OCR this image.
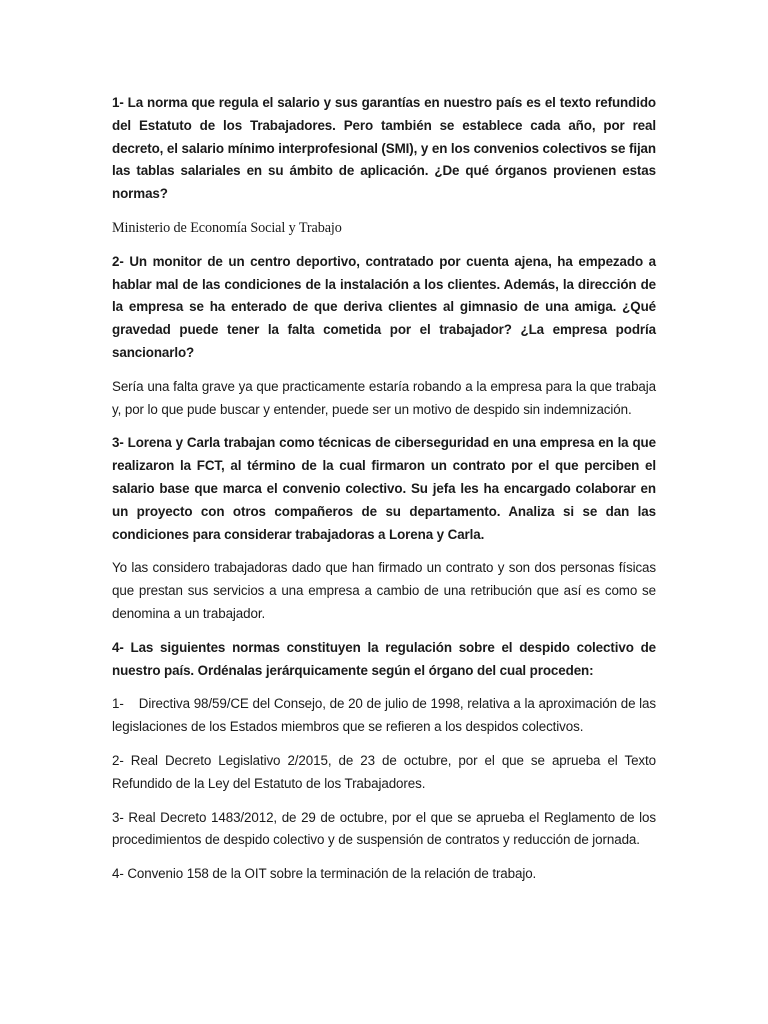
1- La norma que regula el salario y sus garantías en nuestro país es el texto refundido del Estatuto de los Trabajadores. Pero también se establece cada año, por real decreto, el salario mínimo interprofesional (SMI), y en los convenios colectivos se fijan las tablas salariales en su ámbito de aplicación. ¿De qué órganos provienen estas normas?

Ministerio de Economía Social y Trabajo

2- Un monitor de un centro deportivo, contratado por cuenta ajena, ha empezado a hablar mal de las condiciones de la instalación a los clientes. Además, la dirección de la empresa se ha enterado de que deriva clientes al gimnasio de una amiga. ¿Qué gravedad puede tener la falta cometida por el trabajador? ¿La empresa podría sancionarlo?

Sería una falta grave ya que practicamente estaría robando a la empresa para la que trabaja y, por lo que pude buscar y entender, puede ser un motivo de despido sin indemnización.

3- Lorena y Carla trabajan como técnicas de ciberseguridad en una empresa en la que realizaron la FCT, al término de la cual firmaron un contrato por el que perciben el salario base que marca el convenio colectivo. Su jefa les ha encargado colaborar en un proyecto con otros compañeros de su departamento. Analiza si se dan las condiciones para considerar trabajadoras a Lorena y Carla.

Yo las considero trabajadoras dado que han firmado un contrato y son dos personas físicas que prestan sus servicios a una empresa a cambio de una retribución que así es como se denomina a un trabajador.

4- Las siguientes normas constituyen la regulación sobre el despido colectivo de nuestro país. Ordénalas jerárquicamente según el órgano del cual proceden:

1-    Directiva 98/59/CE del Consejo, de 20 de julio de 1998, relativa a la aproximación de las legislaciones de los Estados miembros que se refieren a los despidos colectivos.

2- Real Decreto Legislativo 2/2015, de 23 de octubre, por el que se aprueba el Texto Refundido de la Ley del Estatuto de los Trabajadores.

3- Real Decreto 1483/2012, de 29 de octubre, por el que se aprueba el Reglamento de los procedimientos de despido colectivo y de suspensión de contratos y reducción de jornada.

4- Convenio 158 de la OIT sobre la terminación de la relación de trabajo.
